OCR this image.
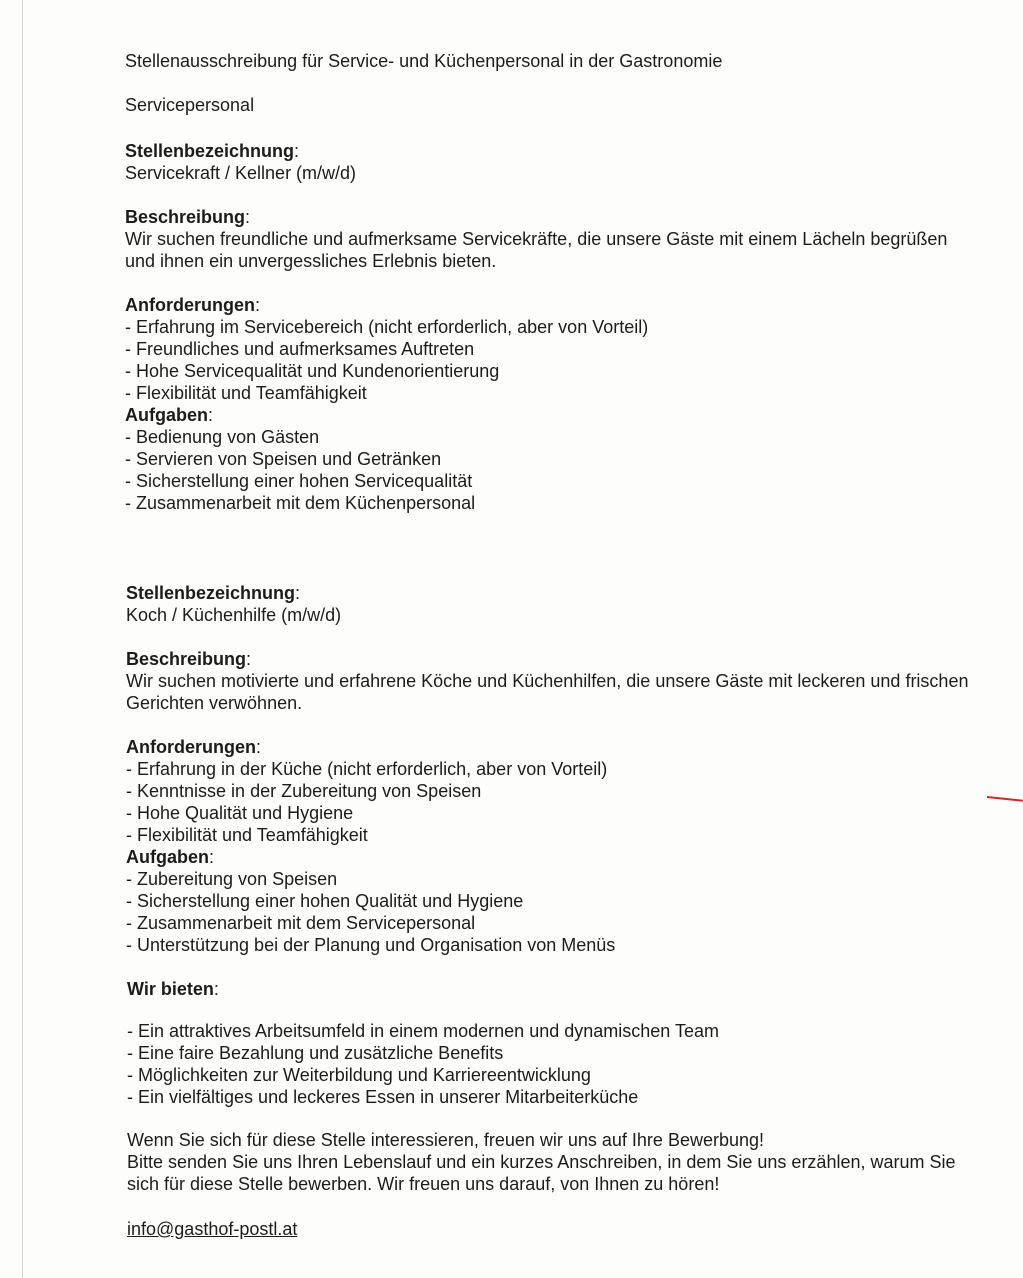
Stellenausschreibung für Service- und Küchenpersonal in der Gastronomie

Servicepersonal

Stellenbezeichnung:

Servicekraft / Kellner (m/w/d)

Beschreibung:

Wir suchen freundliche und aufmerksame Servicekräfte, die unsere Gäste mit einem Lächeln begrüßen und ihnen ein unvergessliches Erlebnis bieten.

Anforderungen:

- Erfahrung im Servicebereich (nicht erforderlich, aber von Vorteil)
- Freundliches und aufmerksames Auftreten
- Hohe Servicequalität und Kundenorientierung
- Flexibilität und Teamfähigkeit

Aufgaben:

- Bedienung von Gästen
- Servieren von Speisen und Getränken
- Sicherstellung einer hohen Servicequalität
- Zusammenarbeit mit dem Küchenpersonal

Stellenbezeichnung:

Koch / Küchenhilfe (m/w/d)

Beschreibung:

Wir suchen motivierte und erfahrene Köche und Küchenhilfen, die unsere Gäste mit leckeren und frischen Gerichten verwöhnen.

Anforderungen:

- Erfahrung in der Küche (nicht erforderlich, aber von Vorteil)
- Kenntnisse in der Zubereitung von Speisen
- Hohe Qualität und Hygiene
- Flexibilität und Teamfähigkeit

Aufgaben:

- Zubereitung von Speisen
- Sicherstellung einer hohen Qualität und Hygiene
- Zusammenarbeit mit dem Servicepersonal
- Unterstützung bei der Planung und Organisation von Menüs

Wir bieten:

- Ein attraktives Arbeitsumfeld in einem modernen und dynamischen Team
- Eine faire Bezahlung und zusätzliche Benefits
- Möglichkeiten zur Weiterbildung und Karriereentwicklung
- Ein vielfältiges und leckeres Essen in unserer Mitarbeiterküche

Wenn Sie sich für diese Stelle interessieren, freuen wir uns auf Ihre Bewerbung!

Bitte senden Sie uns Ihren Lebenslauf und ein kurzes Anschreiben, in dem Sie uns erzählen, warum Sie sich für diese Stelle bewerben. Wir freuen uns darauf, von Ihnen zu hören!

info@gasthof-postl.at
